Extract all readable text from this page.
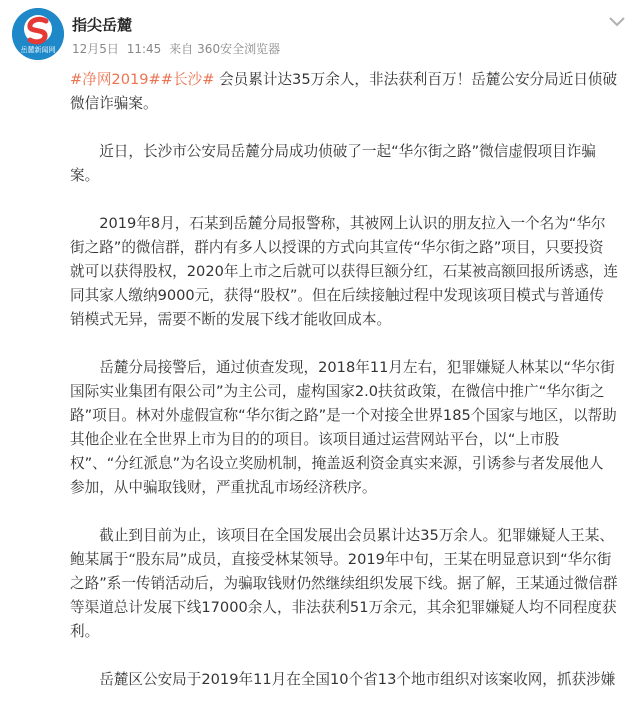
岳麓新闻网
指尖岳麓
12月5日 11:45 来自 360安全浏览器

#净网2019##长沙# 会员累计达35万余人，非法获利百万！岳麓公安分局近日侦破微信诈骗案。

近日，长沙市公安局岳麓分局成功侦破了一起“华尔街之路”微信虚假项目诈骗案。

2019年8月，石某到岳麓分局报警称，其被网上认识的朋友拉入一个名为“华尔街之路”的微信群，群内有多人以授课的方式向其宣传“华尔街之路”项目，只要投资就可以获得股权，2020年上市之后就可以获得巨额分红，石某被高额回报所诱惑，连同其家人缴纳9000元，获得“股权”。但在后续接触过程中发现该项目模式与普通传销模式无异，需要不断的发展下线才能收回成本。

岳麓分局接警后，通过侦查发现，2018年11月左右，犯罪嫌疑人林某以“华尔街国际实业集团有限公司”为主公司，虚构国家2.0扶贫政策，在微信中推广“华尔街之路”项目。林对外虚假宣称“华尔街之路”是一个对接全世界185个国家与地区，以帮助其他企业在全世界上市为目的的项目。该项目通过运营网站平台，以“上市股权”、“分红派息”为名设立奖励机制，掩盖返利资金真实来源，引诱参与者发展他人参加，从中骗取钱财，严重扰乱市场经济秩序。

截止到目前为止，该项目在全国发展出会员累计达35万余人。犯罪嫌疑人王某、鲍某属于“股东局”成员，直接受林某领导。2019年中旬，王某在明显意识到“华尔街之路”系一传销活动后，为骗取钱财仍然继续组织发展下线。据了解，王某通过微信群等渠道总计发展下线17000余人，非法获利51万余元，其余犯罪嫌疑人均不同程度获利。

岳麓区公安局于2019年11月在全国10个省13个地市组织对该案收网，抓获涉嫌
